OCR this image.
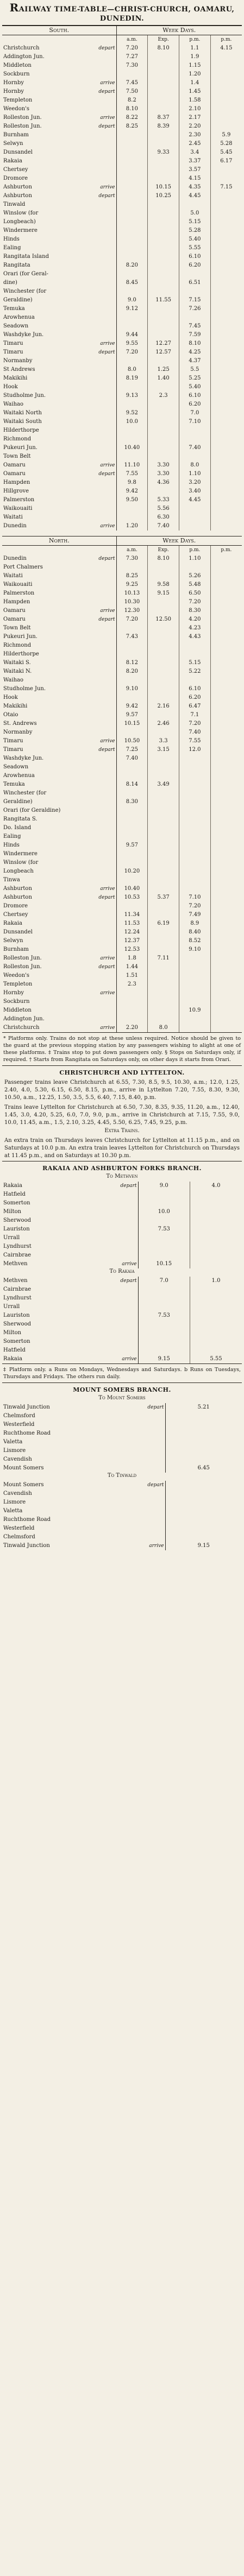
RAILWAY TIME-TABLE—CHRIST-CHURCH, OAMARU, DUNEDIN.
South.		Week Days.			
		a.m.	Exp.	p.m.	p.m.
Christchurch	depart	7.20	8.10	1.1	4.15
Addington Jun.		7.27		1.9	
Middleton		7.30		1.15	
Sockburn				1.20	
Hornby	arrive	7.45		1.4	
Hornby	depart	7.50		1.45	
Templeton		8.2		1.58	
Weedon's		8.10		2.10	
Rolleston Jun.	arrive	8.22	8.37	2.17	
Rolleston Jun.	depart	8.25	8.39	2.20	
Burnham				2.30	5.9
Selwyn				2.45	5.28
Dunsandel			9.33	3.4	5.45
Rakaia				3.37	6.17
Chertsey				3.57	
Dromore				4.15	
Ashburton	arrive		10.15	4.35	7.15
Ashburton	depart		10.25	4.45	
Tinwald					
Winslow (for				5.0	
Longbeach)				5.15	
Windermere				5.28	
Hinds				5.40	
Ealing				5.55	
Rangitata Island				6.10	
Rangitata		8.20		6.20	
Orari (for Geral-					
dine)		8.45		6.51	
Winchester (for					
Geraldine)		9.0	11.55	7.15	
Temuka		9.12		7.26	
Arowhenua					
Seadown				7.45	
Washdyke Jun.		9.44		7.59	
Timaru	arrive	9.55	12.27	8.10	
Timaru	depart	7.20	12.57	4.25	
Normanby				4.37	
St Andrews		8.0	1.25	5.5	
Makikihi		8.19	1.40	5.25	
Hook				5.40	
Studholme Jun.		9.13	2.3	6.10	
Waihao				6.20	
Waitaki North		9.52		7.0	
Waitaki South		10.0		7.10	
Hilderthorpe					
Richmond					
Pukeuri Jun.		10.40		7.40	
Town Belt					
Oamaru	arrive	11.10	3.30	8.0	
Oamaru	depart	7.55	3.30	1.10	
Hampden		9.8	4.36	3.20	
Hillgrove		9.42		3.40	
Palmerston		9.50	5.33	4.45	
Waikouaiti			5.56		
Waitati			6.30		
Dunedin	arrive	1.20	7.40		
North.		Week Days.			
		a.m.	Exp.	p.m.	p.m.
Dunedin	depart	7.30	8.10	1.10	
Port Chalmers					
Waitati		8.25		5.26	
Waikouaiti		9.25	9.58	5.48	
Palmerston		10.13	9.15	6.50	
Hampden		10.30		7.20	
Oamaru	arrive	12.30		8.30	
Oamaru	depart	7.20	12.50	4.20	
Town Belt				4.23	
Pukeuri Jun.		7.43		4.43	
Richmond					
Hilderthorpe					
Waitaki S.		8.12		5.15	
Waitaki N.		8.20		5.22	
Waihao					
Studholme Jun.		9.10		6.10	
Hook				6.20	
Makikihi		9.42	2.16	6.47	
Otaio		9.57		7.1	
St. Andrews		10.15	2.46	7.20	
Normanby				7.40	
Timaru	arrive	10.50	3.3	7.55	
Timaru	depart	7.25	3.15	12.0	
Washdyke Jun.		7.40			
Seadown					
Arowhenua					
Temuka		8.14	3.49		
Winchester (for					
Geraldine)		8.30			
Orari (for Geraldine)					
Rangitata S.					
Do. Island					
Ealing					
Hinds		9.57			
Windermere					
Winslow (for					
Longbeach		10.20			
Tinwa					
Ashburton	arrive	10.40			
Ashburton	depart	10.53	5.37	7.10	
Dromore				7.20	
Chertsey		11.34		7.49	
Rakaia		11.53	6.19	8.9	
Dunsandel		12.24		8.40	
Selwyn		12.37		8.52	
Burnham		12.53		9.10	
Rolleston Jun.	arrive	1.8	7.11		
Rolleston Jun.	depart	1.44			
Weedon's		1.51			
Templeton		2.3			
Hornby	arrive				
Sockburn					
Middleton				10.9	
Addington Jun.					
Christchurch	arrive	2.20	8.0		
* Platforms only. Trains do not stop at these unless required. Notice should be given to the guard at the previous stopping station by any passengers wishing to alight at one of these platforms. ‡ Trains stop to put down passengers only. § Stops on Saturdays only, if required. † Starts from Rangitata on Saturdays only, on other days it starts from Orari.
CHRISTCHURCH AND LYTTELTON.
Passenger trains leave Christchurch at 6.55, 7.30, 8.5, 9.5, 10.30, a.m.; 12.0, 1.25, 2.40, 4.0, 5.30, 6.15, 6.50, 8.15, p.m., arrive in Lyttelton 7.20, 7.55, 8.30, 9.30, 10.50, a.m., 12.25, 1.50, 3.5, 5.5, 6.40, 7.15, 8.40, p.m.
Trains leave Lyttelton for Christchurch at 6.50, 7.30, 8.35, 9.35, 11.20, a.m., 12.40, 1.45, 3.0, 4.20, 5.25, 6.0, 7.0, 9.0, p.m., arrive in Christchurch at 7.15, 7.55, 9.0, 10.0, 11.45, a.m., 1.5, 2.10, 3.25, 4.45, 5.50, 6.25, 7.45, 9.25, p.m.
Extra Trains.
An extra train on Thursdays leaves Christchurch for Lyttelton at 11.15 p.m., and on Saturdays at 10.0 p.m. An extra train leaves Lyttelton for Christchurch on Thursdays at 11.45 p.m., and on Saturdays at 10.30 p.m.
RAKAIA AND ASHBURTON FORKS BRANCH.
To Methven
Rakaia	depart	9.0	4.0
Hatfield			
Somerton			
Milton		10.0	
Sherwood			
Lauriston		7.53	
Urrall			
Lyndhurst			
Cairnbrae			
Methven	arrive	10.15	
To Rakaia
Methven	depart	7.0	1.0
Cairnbrae			
Lyndhurst			
Urrall			
Lauriston		7.53	
Sherwood			
Milton			
Somerton			
Hatfield			
Rakaia	arrive	9.15	5.55
‡ Platform only. a Runs on Mondays, Wednesdays and Saturdays. b Runs on Tuesdays, Thursdays and Fridays. The others run daily.
MOUNT SOMERS BRANCH.
To Mount Somers
Tinwald Junction	depart	5.21
Chelmsford		
Westerfield		
Ruchthome Road		
Valetta		
Lismore		
Cavendish		
Mount Somers		6.45
To Tinwald
Mount Somers	depart	
Cavendish		
Lismore		
Valetta		
Ruchthome Road		
Westerfield		
Chelmsford		
Tinwald Junction	arrive	9.15
